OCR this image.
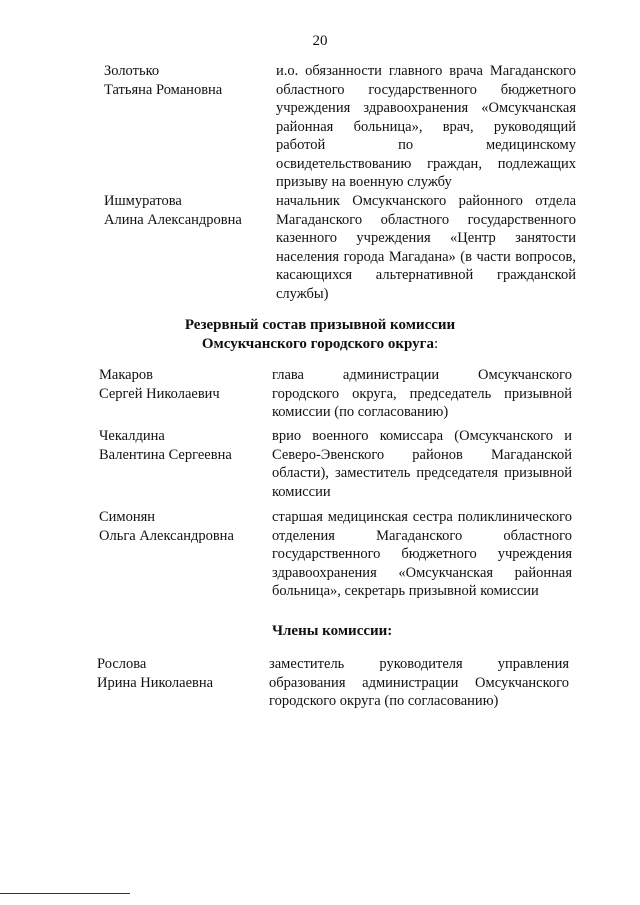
20
Золотько
Татьяна Романовна
и.о. обязанности главного врача Магаданского областного государственного бюджетного учреждения здравоохранения «Омсукчанская районная больница», врач, руководящий работой по медицинскому освидетельствованию граждан, подлежащих призыву на военную службу
Ишмуратова
Алина Александровна
начальник Омсукчанского районного отдела Магаданского областного государственного казенного учреждения «Центр занятости населения города Магадана» (в части вопросов, касающихся альтернативной гражданской службы)
Резервный состав призывной комиссии
Омсукчанского городского округа:
Макаров
Сергей Николаевич
глава администрации Омсукчанского городского округа, председатель призывной комиссии (по согласованию)
Чекалдина
Валентина Сергеевна
врио военного комиссара (Омсукчанского и Северо-Эвенского районов Магаданской области), заместитель председателя призывной комиссии
Симонян
Ольга Александровна
старшая медицинская сестра поликлинического отделения Магаданского областного государственного бюджетного учреждения здравоохранения «Омсукчанская районная больница», секретарь призывной комиссии
Члены комиссии:
Рослова
Ирина Николаевна
заместитель руководителя управления образования администрации Омсукчанского городского округа (по согласованию)
